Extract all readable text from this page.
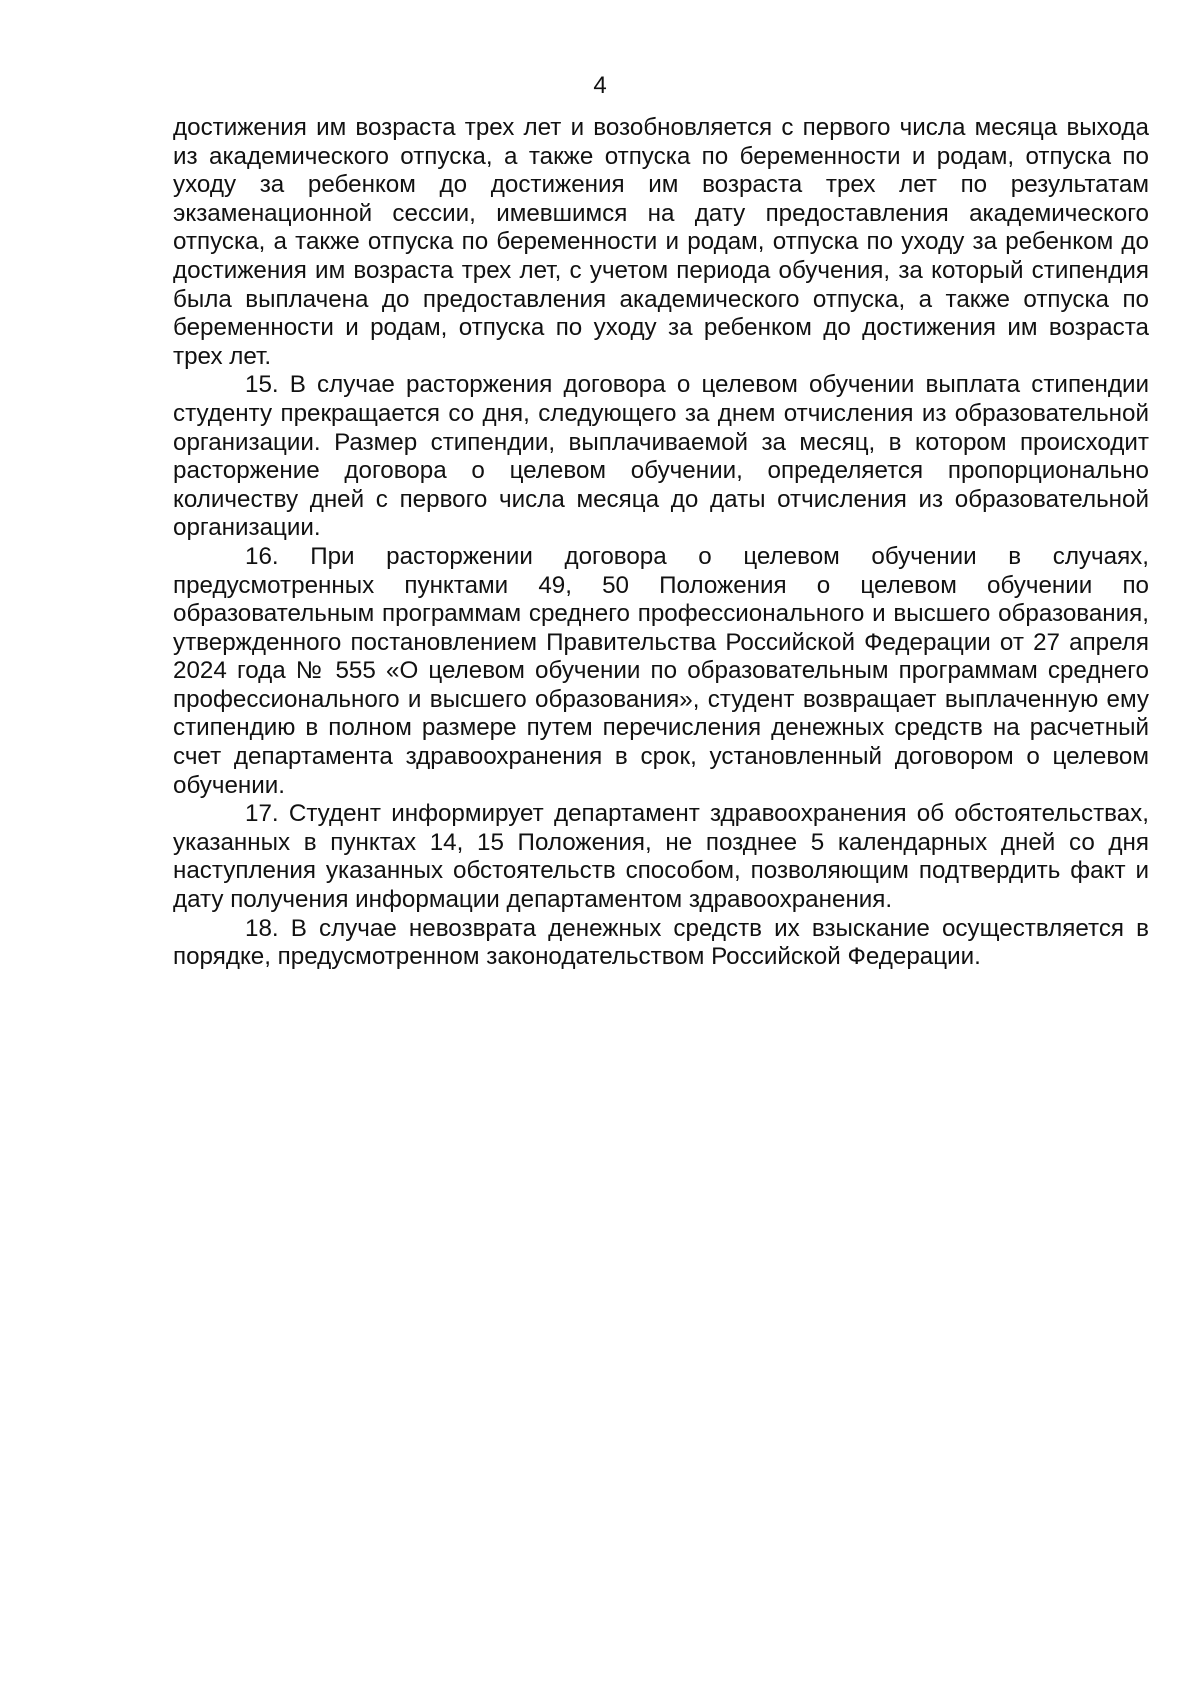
4

достижения им возраста трех лет и возобновляется с первого числа месяца выхода из академического отпуска, а также отпуска по беременности и родам, отпуска по уходу за ребенком до достижения им возраста трех лет по результатам экзаменационной сессии, имевшимся на дату предоставления академического отпуска, а также отпуска по беременности и родам, отпуска по уходу за ребенком до достижения им возраста трех лет, с учетом периода обучения, за который стипендия была выплачена до предоставления академического отпуска, а также отпуска по беременности и родам, отпуска по уходу за ребенком до достижения им возраста трех лет.

15. В случае расторжения договора о целевом обучении выплата стипендии студенту прекращается со дня, следующего за днем отчисления из образовательной организации. Размер стипендии, выплачиваемой за месяц, в котором происходит расторжение договора о целевом обучении, определяется пропорционально количеству дней с первого числа месяца до даты отчисления из образовательной организации.

16. При расторжении договора о целевом обучении в случаях, предусмотренных пунктами 49, 50 Положения о целевом обучении по образовательным программам среднего профессионального и высшего образования, утвержденного постановлением Правительства Российской Федерации от 27 апреля 2024 года № 555 «О целевом обучении по образовательным программам среднего профессионального и высшего образования», студент возвращает выплаченную ему стипендию в полном размере путем перечисления денежных средств на расчетный счет департамента здравоохранения в срок, установленный договором о целевом обучении.

17. Студент информирует департамент здравоохранения об обстоятельствах, указанных в пунктах 14, 15 Положения, не позднее 5 календарных дней со дня наступления указанных обстоятельств способом, позволяющим подтвердить факт и дату получения информации департаментом здравоохранения.

18. В случае невозврата денежных средств их взыскание осуществляется в порядке, предусмотренном законодательством Российской Федерации.
